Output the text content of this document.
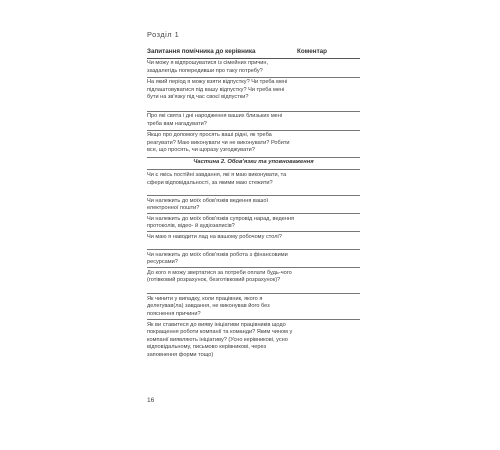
Розділ 1
Запитання помічника до керівника	Коментар
Чи можу я відпрошуватися із сімейних причин, заздалегідь попередивши про таку потребу?
На який період я можу взяти відпустку? Чи треба мені підлаштовуватися під вашу відпустку? Чи треба мені бути на зв'язку під час своєї відпустки?
Про які свята і дні народження ваших близьких мені треба вам нагадувати?
Якщо про допомогу просять ваші рідні, як треба реагувати? Маю виконувати чи не виконувати? Робити все, що просять, чи щоразу узгоджувати?
Частина 2. Обов'язки та уповноваження
Чи є якісь постійні завдання, які я маю виконувати, та сфери відповідальності, за якими маю стежити?
Чи належить до моїх обов'язків ведення вашої електронної пошти?
Чи належить до моїх обов'язків супровід нарад, ведення протоколів, відео- й аудіозаписів?
Чи маю я наводити лад на вашому робочому столі?
Чи належить до моїх обов'язків робота з фінансовими ресурсами?
До кого я можу звертатися за потреби оплати будь-чого (готівковий розрахунок, безготівковий розрахунок)?
Як чинити у випадку, коли працівник, якого я делегував(ла) завдання, не виконував його без пояснення причини?
Як ви ставитеся до вияву ініціативи працівників щодо покращення роботи компанії та команди? Яким чином у компанії виявляють ініціативу? (Усно керівникові, усно відповідальному, письмово керівникові, через заповнення форми тощо)
16
